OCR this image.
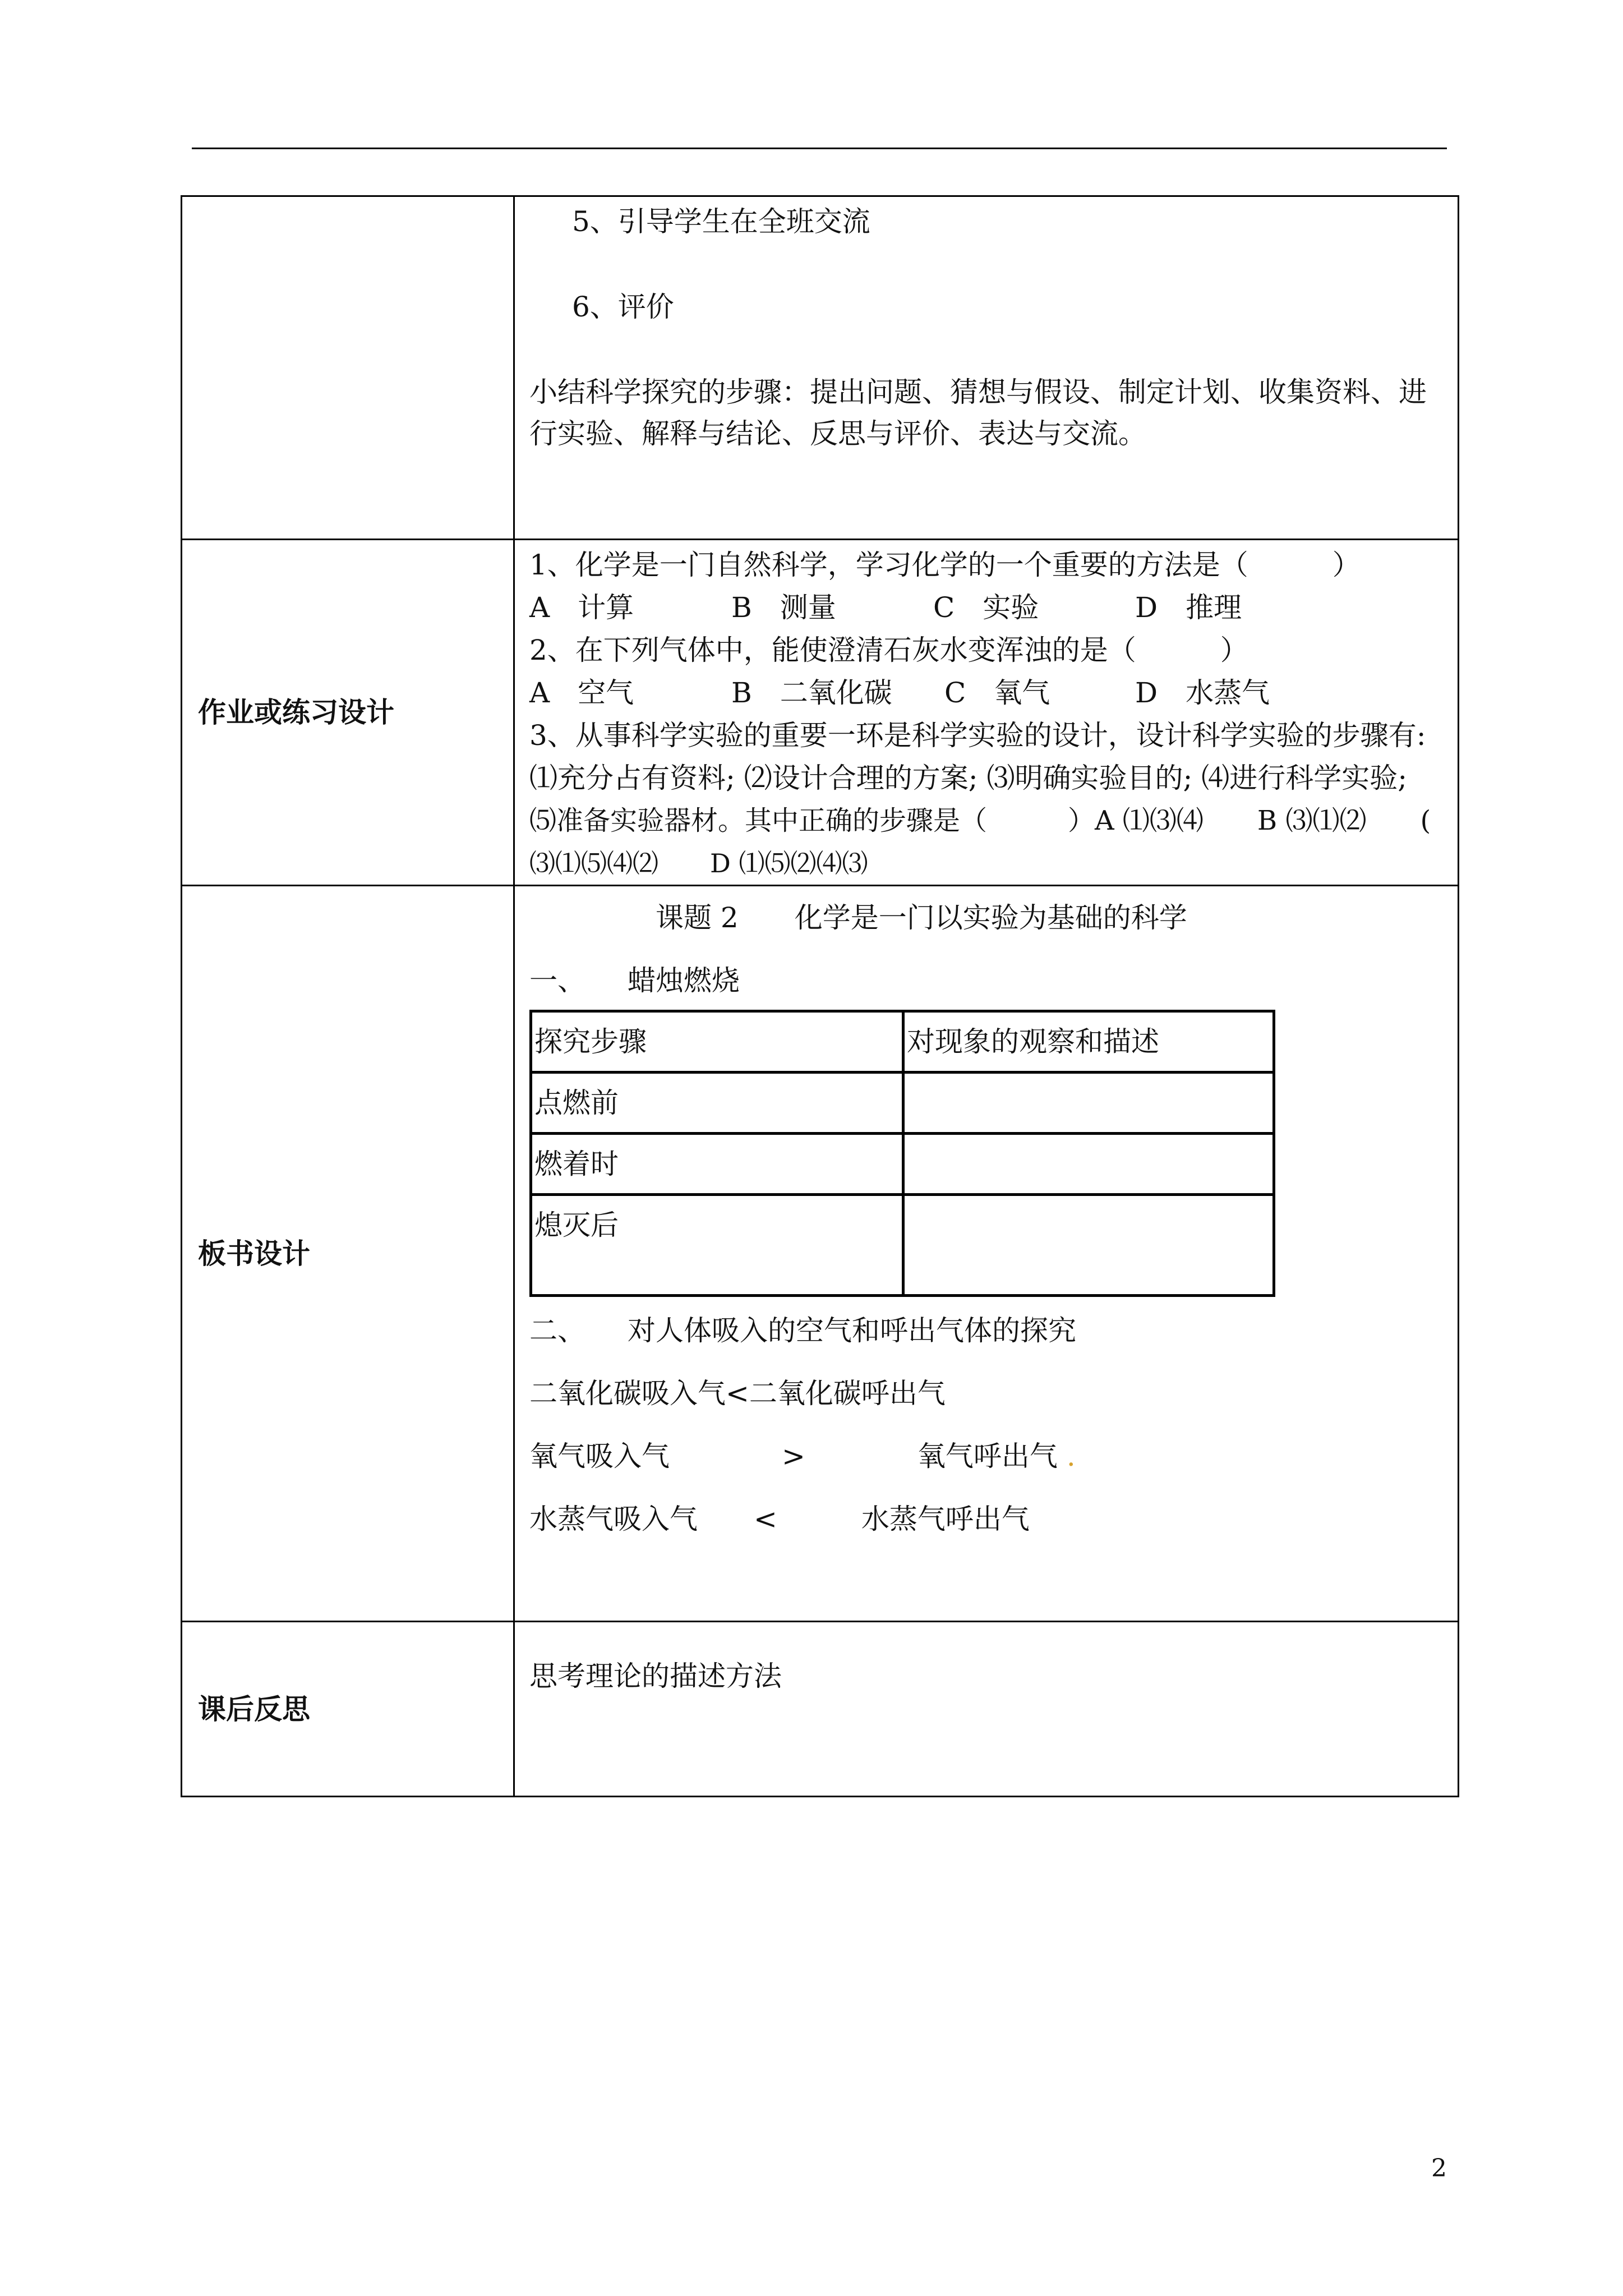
5、引导学生在全班交流

6、评价

小结科学探究的步骤：提出问题、猜想与假设、制定计划、收集资料、进

行实验、解释与结论、反思与评价、表达与交流。

作业或练习设计

1、化学是一门自然科学，学习化学的一个重要的方法是（　　　）

A　计算	B　测量	C　实验	D　推理

2、在下列气体中，能使澄清石灰水变浑浊的是（　　　）

A　空气	B　二氧化碳	C　氧气	D　水蒸气

3、从事科学实验的重要一环是科学实验的设计，设计科学实验的步骤有:

⑴充分占有资料; ⑵设计合理的方案; ⑶明确实验目的; ⑷进行科学实验;

⑸准备实验器材。其中正确的步骤是（　　　）A ⑴⑶⑷　　B ⑶⑴⑵　　(

⑶⑴⑸⑷⑵　　D ⑴⑸⑵⑷⑶

板书设计

课题 2　　化学是一门以实验为基础的科学

一、　　蜡烛燃烧

探究步骤	对现象的观察和描述
点燃前	
燃着时	
熄灭后	

二、　　对人体吸入的空气和呼出气体的探究

二氧化碳吸入气<二氧化碳呼出气

氧气吸入气　　　　>　　　　氧气呼出气 .

水蒸气吸入气　　<　　　水蒸气呼出气

课后反思

思考理论的描述方法

2
